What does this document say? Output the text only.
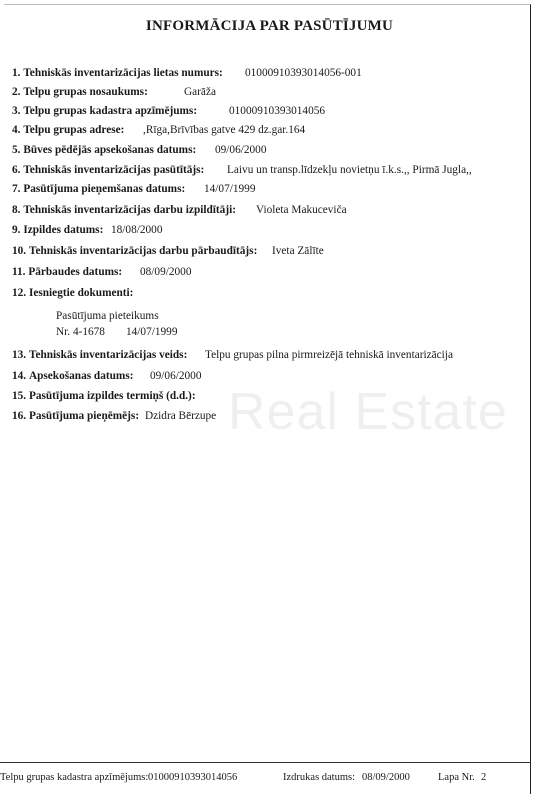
Real Estate
INFORMĀCIJA PAR PASŪTĪJUMU
1. Tehniskās inventarizācijas lietas numurs: 01000910393014056-001
2. Telpu grupas nosaukums:	Garāža
3. Telpu grupas kadastra apzīmējums:	01000910393014056
4. Telpu grupas adrese: ,Rīga,Brīvības gatve 429 dz.gar.164
5. Būves pēdējās apsekošanas datums: 09/06/2000
6. Tehniskās inventarizācijas pasūtītājs: Laivu un transp.līdzekļu novietņu ī.k.s.,, Pirmā Jugla,,
7. Pasūtījuma pieņemšanas datums: 14/07/1999
8. Tehniskās inventarizācijas darbu izpildītāji: Violeta Makuceviča
9. Izpildes datums: 18/08/2000
10. Tehniskās inventarizācijas darbu pārbaudītājs: Iveta Zālīte
11. Pārbaudes datums: 08/09/2000
12. Iesniegtie dokumenti:
Pasūtījuma pieteikums
Nr. 4-1678 14/07/1999
13. Tehniskās inventarizācijas veids: Telpu grupas pilna pirmreizējā tehniskā inventarizācija
14. Apsekošanas datums: 09/06/2000
15. Pasūtījuma izpildes termiņš (d.d.):
16. Pasūtījuma pieņēmējs: Dzidra Bērzupe
Telpu grupas kadastra apzīmējums: 01000910393014056	Izdrukas datums: 08/09/2000	Lapa Nr. 2
